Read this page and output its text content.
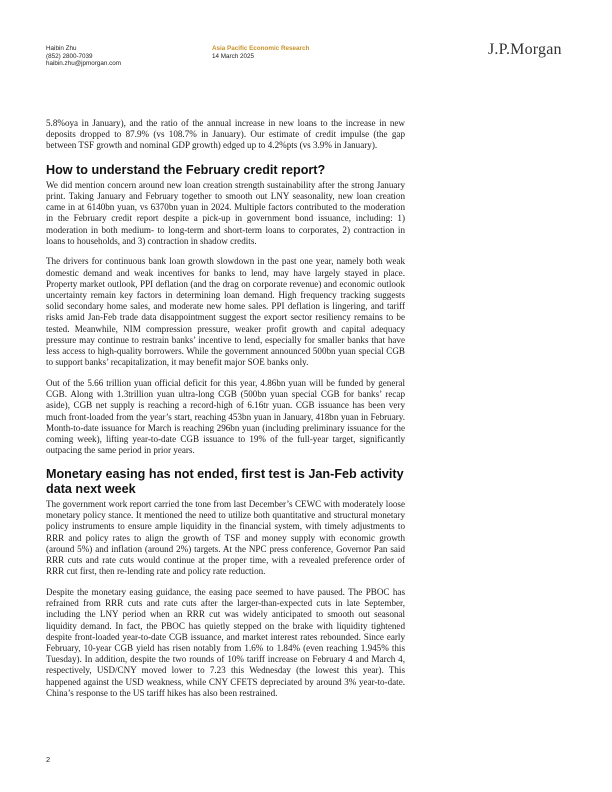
Haibin Zhu
(852) 2800-7039
haibin.zhu@jpmorgan.com
Asia Pacific Economic Research
14 March 2025	J.P.Morgan

5.8%oya in January), and the ratio of the annual increase in new loans to the increase in new deposits dropped to 87.9% (vs 108.7% in January). Our estimate of credit impulse (the gap between TSF growth and nominal GDP growth) edged up to 4.2%pts (vs 3.9% in January).

How to understand the February credit report?

We did mention concern around new loan creation strength sustainability after the strong January print. Taking January and February together to smooth out LNY seasonality, new loan creation came in at 6140bn yuan, vs 6370bn yuan in 2024. Multiple factors contributed to the moderation in the February credit report despite a pick-up in government bond issuance, including: 1) moderation in both medium- to long-term and short-term loans to corporates, 2) contraction in loans to households, and 3) contraction in shadow credits.

The drivers for continuous bank loan growth slowdown in the past one year, namely both weak domestic demand and weak incentives for banks to lend, may have largely stayed in place. Property market outlook, PPI deflation (and the drag on corporate revenue) and economic outlook uncertainty remain key factors in determining loan demand. High frequency tracking suggests solid secondary home sales, and moderate new home sales. PPI deflation is lingering, and tariff risks amid Jan-Feb trade data disappointment suggest the export sector resiliency remains to be tested. Meanwhile, NIM compression pressure, weaker profit growth and capital adequacy pressure may continue to restrain banks’ incentive to lend, especially for smaller banks that have less access to high-quality borrowers. While the government announced 500bn yuan special CGB to support banks’ recapitalization, it may benefit major SOE banks only.

Out of the 5.66 trillion yuan official deficit for this year, 4.86bn yuan will be funded by general CGB. Along with 1.3trillion yuan ultra-long CGB (500bn yuan special CGB for banks’ recap aside), CGB net supply is reaching a record-high of 6.16tr yuan. CGB issuance has been very much front-loaded from the year’s start, reaching 453bn yuan in January, 418bn yuan in February. Month-to-date issuance for March is reaching 296bn yuan (including preliminary issuance for the coming week), lifting year-to-date CGB issuance to 19% of the full-year target, significantly outpacing the same period in prior years.

Monetary easing has not ended, first test is Jan-Feb activity data next week

The government work report carried the tone from last December’s CEWC with moderately loose monetary policy stance. It mentioned the need to utilize both quantitative and structural monetary policy instruments to ensure ample liquidity in the financial system, with timely adjustments to RRR and policy rates to align the growth of TSF and money supply with economic growth (around 5%) and inflation (around 2%) targets. At the NPC press conference, Governor Pan said RRR cuts and rate cuts would continue at the proper time, with a revealed preference order of RRR cut first, then re-lending rate and policy rate reduction.

Despite the monetary easing guidance, the easing pace seemed to have paused. The PBOC has refrained from RRR cuts and rate cuts after the larger-than-expected cuts in late September, including the LNY period when an RRR cut was widely anticipated to smooth out seasonal liquidity demand. In fact, the PBOC has quietly stepped on the brake with liquidity tightened despite front-loaded year-to-date CGB issuance, and market interest rates rebounded. Since early February, 10-year CGB yield has risen notably from 1.6% to 1.84% (even reaching 1.945% this Tuesday). In addition, despite the two rounds of 10% tariff increase on February 4 and March 4, respectively, USD/CNY moved lower to 7.23 this Wednesday (the lowest this year). This happened against the USD weakness, while CNY CFETS depreciated by around 3% year-to-date. China’s response to the US tariff hikes has also been restrained.

2
